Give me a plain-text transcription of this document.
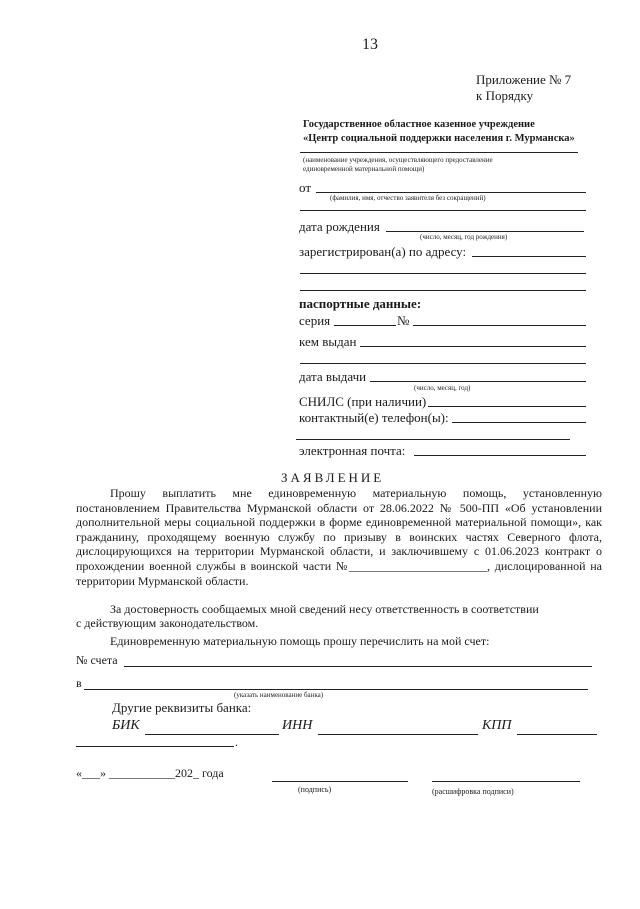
13
Приложение № 7
к Порядку
Государственное областное казенное учреждение
«Центр социальной поддержки населения г. Мурманска»
(наименование учреждения, осуществляющего предоставление
единовременной материальной помощи)
от
(фамилия, имя, отчество заявителя без сокращений)
дата рождения
(число, месяц, год рождения)
зарегистрирован(а) по адресу:
паспортные данные:
серия	№
кем выдан
дата выдачи
(число, месяц, год)
СНИЛС (при наличии)
контактный(е) телефон(ы):
электронная почта:
ЗАЯВЛЕНИЕ

Прошу выплатить мне единовременную материальную помощь, установленную постановлением Правительства Мурманской области от 28.06.2022 № 500-ПП «Об установлении дополнительной меры социальной поддержки в форме единовременной материальной помощи», как гражданину, проходящему военную службу по призыву в воинских частях Северного флота, дислоцирующихся на территории Мурманской области, и заключившему с 01.06.2023 контракт о прохождении военной службы в воинской части №_______________________, дислоцированной на территории Мурманской области.

За достоверность сообщаемых мной сведений несу ответственность в соответствии
с действующим законодательством.
Единовременную материальную помощь прошу перечислить на мой счет:
№ счета
в
(указать наименование банка)
Другие реквизиты банка:
БИК	ИНН	КПП
.
«___» ___________202_ года
(подпись)	(расшифровка подписи)
